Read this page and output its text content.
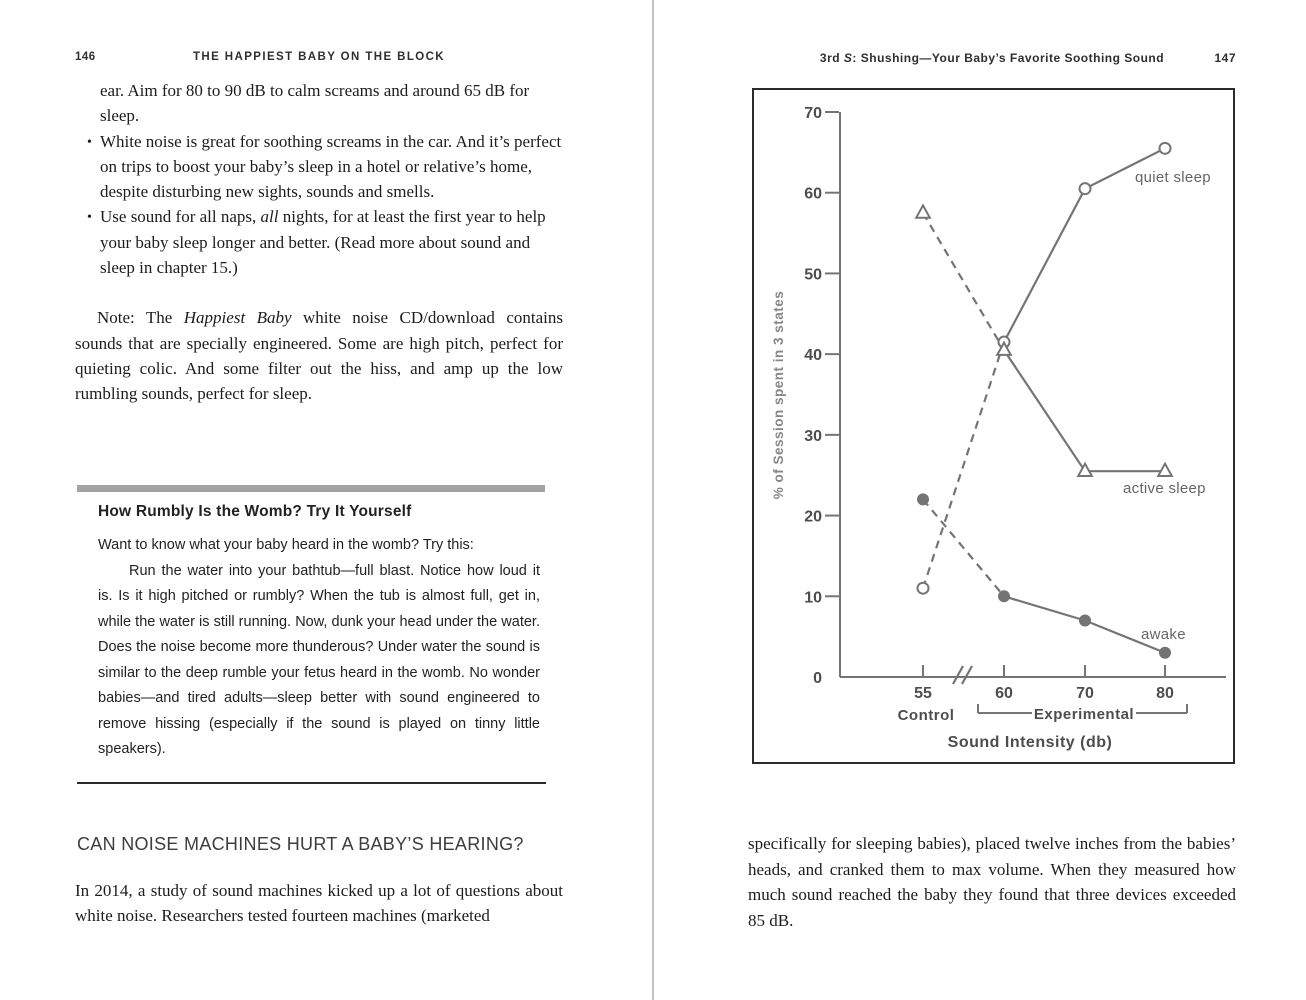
146	THE HAPPIEST BABY ON THE BLOCK

ear. Aim for 80 to 90 dB to calm screams and around 65 dB for sleep.

• White noise is great for soothing screams in the car. And it’s perfect on trips to boost your baby’s sleep in a hotel or relative’s home, despite disturbing new sights, sounds and smells.
• Use sound for all naps, all nights, for at least the first year to help your baby sleep longer and better. (Read more about sound and sleep in chapter 15.)

Note: The Happiest Baby white noise CD/download contains sounds that are specially engineered. Some are high pitch, perfect for quieting colic. And some filter out the hiss, and amp up the low rumbling sounds, perfect for sleep.

How Rumbly Is the Womb? Try It Yourself

Want to know what your baby heard in the womb? Try this:

Run the water into your bathtub—full blast. Notice how loud it is. Is it high pitched or rumbly? When the tub is almost full, get in, while the water is still running. Now, dunk your head under the water. Does the noise become more thunderous? Under water the sound is similar to the deep rumble your fetus heard in the womb. No wonder babies—and tired adults—sleep better with sound engineered to remove hissing (especially if the sound is played on tinny little speakers).

CAN NOISE MACHINES HURT A BABY’S HEARING?

In 2014, a study of sound machines kicked up a lot of questions about white noise. Researchers tested fourteen machines (marketed

3rd S: Shushing—Your Baby’s Favorite Soothing Sound	147
0
10
20
30
40
50
60
70
55	60	70	80
Control	Experimental
Sound Intensity (db)
% of Session spent in 3 states
quiet sleep
active sleep
awake

specifically for sleeping babies), placed twelve inches from the babies’ heads, and cranked them to max volume. When they measured how much sound reached the baby they found that three devices exceeded 85 dB.
